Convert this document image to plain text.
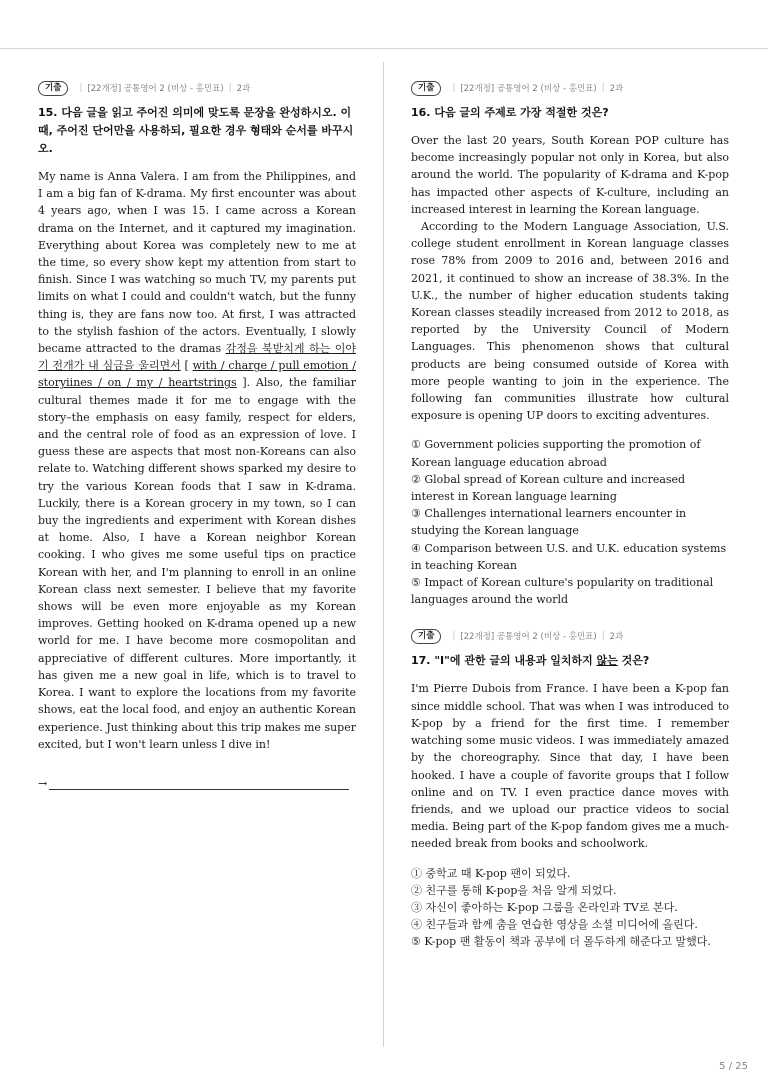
기출	| [22개정] 공통영어 2 (비상 - 홍민표) | 2과
15. 다음 글을 읽고 주어진 의미에 맞도록 문장을 완성하시오. 이 때, 주어진 단어만을 사용하되, 필요한 경우 형태와 순서를 바꾸시오.

My name is Anna Valera. I am from the Philippines, and I am a big fan of K-drama. My first encounter was about 4 years ago, when I was 15. I came across a Korean drama on the Internet, and it captured my imagination. Everything about Korea was completely new to me at the time, so every show kept my attention from start to finish. Since I was watching so much TV, my parents put limits on what I could and couldn't watch, but the funny thing is, they are fans now too. At first, I was attracted to the stylish fashion of the actors. Eventually, I slowly became attracted to the dramas 감정을 북받치게 하는 이야기 전개가 내 심금을 울리면서 [ with / charge / pull emotion / storyiines / on / my / heartstrings ]. Also, the familiar cultural themes made it for me to engage with the story–the emphasis on easy family, respect for elders, and the central role of food as an expression of love. I guess these are aspects that most non-Koreans can also relate to. Watching different shows sparked my desire to try the various Korean foods that I saw in K-drama. Luckily, there is a Korean grocery in my town, so I can buy the ingredients and experiment with Korean dishes at home. Also, I have a Korean neighbor Korean cooking. I who gives me some useful tips on practice Korean with her, and I'm planning to enroll in an online Korean class next semester. I believe that my favorite shows will be even more enjoyable as my Korean improves. Getting hooked on K-drama opened up a new world for me. I have become more cosmopolitan and appreciative of different cultures. More importantly, it has given me a new goal in life, which is to travel to Korea. I want to explore the locations from my favorite shows, eat the local food, and enjoy an authentic Korean experience. Just thinking about this trip makes me super excited, but I won't learn unless I dive in!

→
기출	| [22개정] 공통영어 2 (비상 - 홍민표) | 2과
16. 다음 글의 주제로 가장 적절한 것은?

Over the last 20 years, South Korean POP culture has become increasingly popular not only in Korea, but also around the world. The popularity of K-drama and K-pop has impacted other aspects of K-culture, including an increased interest in learning the Korean language.

According to the Modern Language Association, U.S. college student enrollment in Korean language classes rose 78% from 2009 to 2016 and, between 2016 and 2021, it continued to show an increase of 38.3%. In the U.K., the number of higher education students taking Korean classes steadily increased from 2012 to 2018, as reported by the University Council of Modern Languages. This phenomenon shows that cultural products are being consumed outside of Korea with more people wanting to join in the experience. The following fan communities illustrate how cultural exposure is opening UP doors to exciting adventures.

① Government policies supporting the promotion of Korean language education abroad

② Global spread of Korean culture and increased interest in Korean language learning

③ Challenges international learners encounter in studying the Korean language

④ Comparison between U.S. and U.K. education systems in teaching Korean

⑤ Impact of Korean culture's popularity on traditional languages around the world

기출	| [22개정] 공통영어 2 (비상 - 홍민표) | 2과
17. "I"에 관한 글의 내용과 일치하지 않는 것은?

I'm Pierre Dubois from France. I have been a K-pop fan since middle school. That was when I was introduced to K-pop by a friend for the first time. I remember watching some music videos. I was immediately amazed by the choreography. Since that day, I have been hooked. I have a couple of favorite groups that I follow online and on TV. I even practice dance moves with friends, and we upload our practice videos to social media. Being part of the K-pop fandom gives me a much-needed break from books and schoolwork.

① 중학교 때 K-pop 팬이 되었다.

② 친구를 통해 K-pop을 처음 알게 되었다.

③ 자신이 좋아하는 K-pop 그룹을 온라인과 TV로 본다.

④ 친구들과 함께 춤을 연습한 영상을 소셜 미디어에 올린다.

⑤ K-pop 팬 활동이 책과 공부에 더 몰두하게 해준다고 말했다.

5 / 25
